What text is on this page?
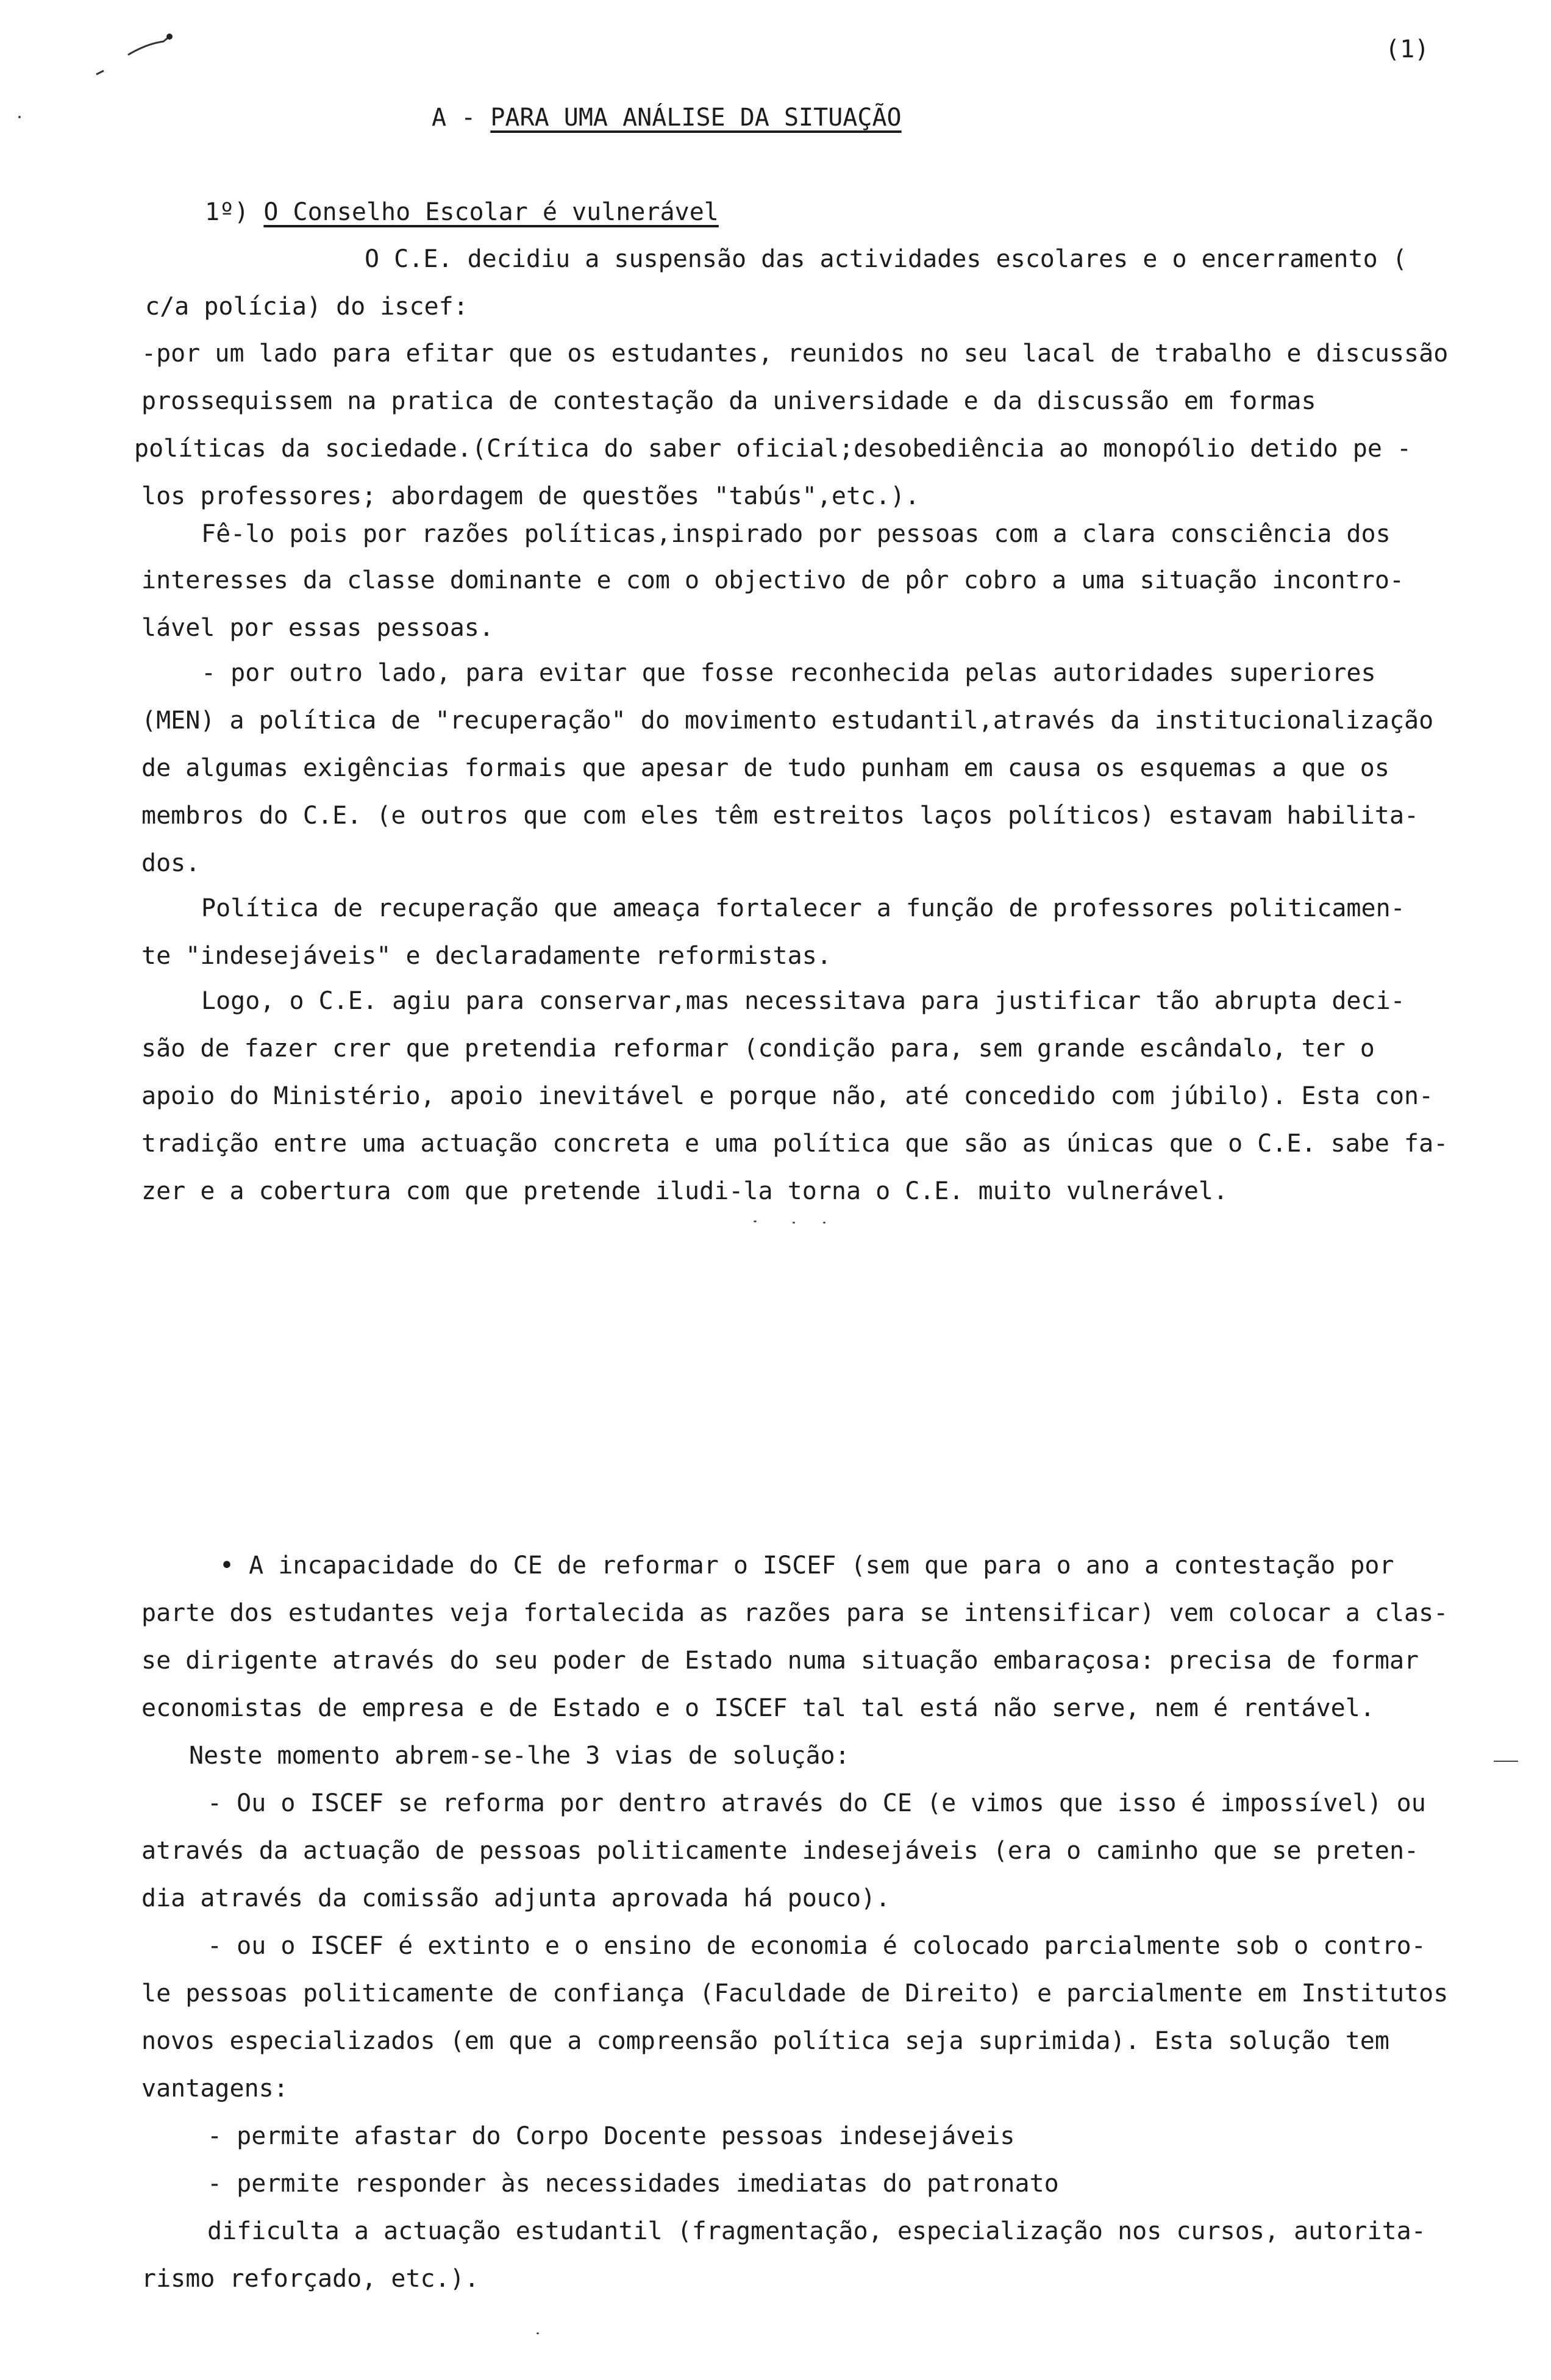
(1)
A - PARA UMA ANÁLISE DA SITUAÇÃO
1º) O Conselho Escolar é vulnerável
O C.E. decidiu a suspensão das actividades escolares e o encerramento (
c/a polícia) do iscef:
-por um lado para efitar que os estudantes, reunidos no seu lacal de trabalho e discussão
prossequissem na pratica de contestação da universidade e da discussão em formas
políticas da sociedade.(Crítica do saber oficial;desobediência ao monopólio detido pe -
los professores; abordagem de questões "tabús",etc.).
Fê-lo pois por razões políticas,inspirado por pessoas com a clara consciência dos
interesses da classe dominante e com o objectivo de pôr cobro a uma situação incontro-
lável por essas pessoas.
- por outro lado, para evitar que fosse reconhecida pelas autoridades superiores
(MEN) a política de "recuperação" do movimento estudantil,através da institucionalização
de algumas exigências formais que apesar de tudo punham em causa os esquemas a que os
membros do C.E. (e outros que com eles têm estreitos laços políticos) estavam habilita-
dos.
Política de recuperação que ameaça fortalecer a função de professores politicamen-
te "indesejáveis" e declaradamente reformistas.
Logo, o C.E. agiu para conservar,mas necessitava para justificar tão abrupta deci-
são de fazer crer que pretendia reformar (condição para, sem grande escândalo, ter o
apoio do Ministério, apoio inevitável e porque não, até concedido com júbilo). Esta con-
tradição entre uma actuação concreta e uma política que são as únicas que o C.E. sabe fa-
zer e a cobertura com que pretende iludi-la torna o C.E. muito vulnerável.
• A incapacidade do CE de reformar o ISCEF (sem que para o ano a contestação por
parte dos estudantes veja fortalecida as razões para se intensificar) vem colocar a clas-
se dirigente através do seu poder de Estado numa situação embaraçosa: precisa de formar
economistas de empresa e de Estado e o ISCEF tal tal está não serve, nem é rentável.
Neste momento abrem-se-lhe 3 vias de solução:
- Ou o ISCEF se reforma por dentro através do CE (e vimos que isso é impossível) ou
através da actuação de pessoas politicamente indesejáveis (era o caminho que se preten-
dia através da comissão adjunta aprovada há pouco).
- ou o ISCEF é extinto e o ensino de economia é colocado parcialmente sob o contro-
le pessoas politicamente de confiança (Faculdade de Direito) e parcialmente em Institutos
novos especializados (em que a compreensão política seja suprimida). Esta solução tem
vantagens:
- permite afastar do Corpo Docente pessoas indesejáveis
- permite responder às necessidades imediatas do patronato
dificulta a actuação estudantil (fragmentação, especialização nos cursos, autorita-
rismo reforçado, etc.).
